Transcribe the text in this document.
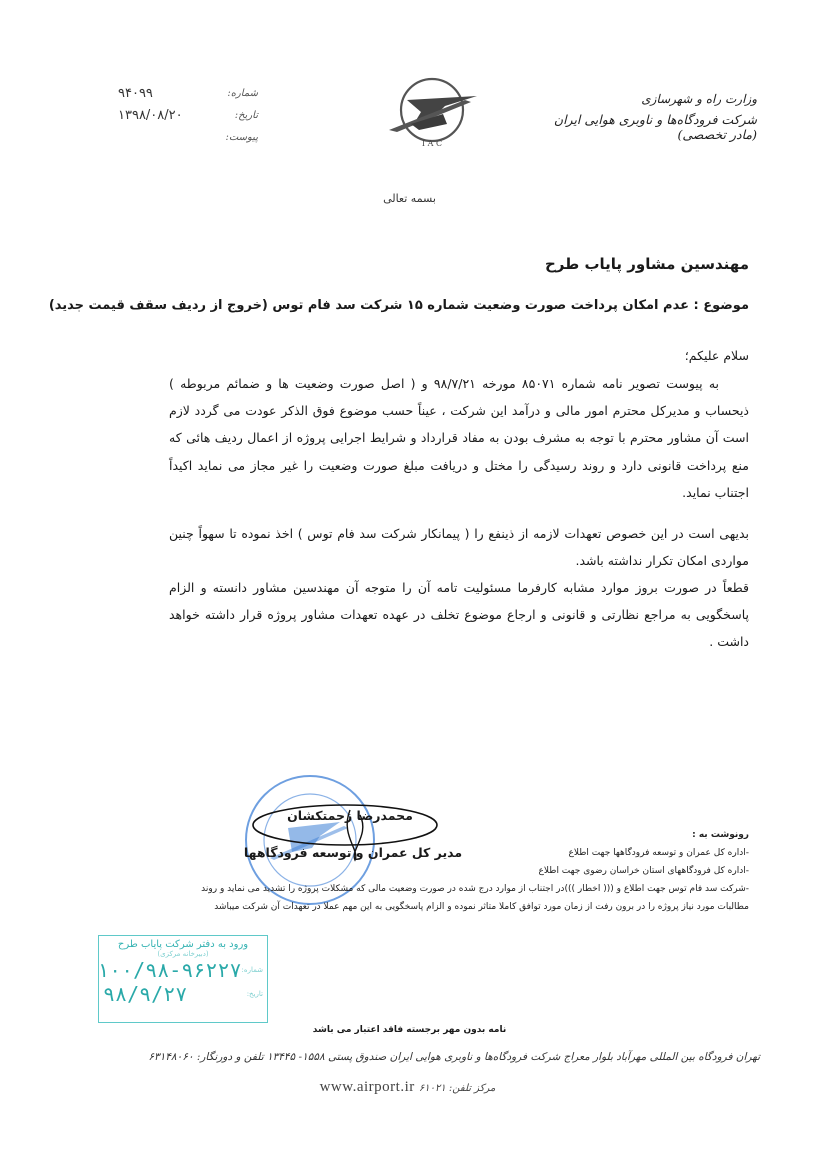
شماره:
۹۴۰۹۹
تاریخ:
۱۳۹۸/۰۸/۲۰
پیوست:
I A C
وزارت راه و شهرسازی
شرکت فرودگاه‌ها و ناوبری هوایی ایران (مادر تخصصی)
بسمه تعالی
مهندسین مشاور پایاب طرح
موضوع : عدم امکان پرداخت صورت وضعیت شماره ۱۵ شرکت سد فام توس (خروج از ردیف سقف قیمت جدید)
سلام علیکم؛

به پیوست تصویر نامه شماره ۸۵۰۷۱ مورخه ۹۸/۷/۲۱ و ( اصل صورت وضعیت ها و ضمائم مربوطه ) ذیحساب و مدیرکل محترم امور مالی و درآمد این شرکت ، عیناً حسب موضوع فوق الذکر عودت می گردد لازم است آن مشاور محترم با توجه به مشرف بودن به مفاد قرارداد و شرایط اجرایی پروژه از اعمال ردیف هائی که منع پرداخت قانونی دارد و روند رسیدگی را مختل و دریافت مبلغ صورت وضعیت را غیر مجاز می نماید اکیداً اجتناب نماید.

بدیهی است در این خصوص تعهدات لازمه از ذینفع را ( پیمانکار شرکت سد فام توس ) اخذ نموده تا سهواً چنین مواردی امکان تکرار نداشته باشد.

قطعاً در صورت بروز موارد مشابه کارفرما مسئولیت تامه آن را متوجه آن مهندسین مشاور دانسته و الزام پاسخگویی به مراجع نظارتی و قانونی و ارجاع موضوع تخلف در عهده تعهدات مشاور پروژه قرار داشته خواهد داشت .

محمدرضا زحمتکشان
مدیر کل عمران و توسعه فرودگاهها
رونوشت به :
-اداره کل عمران و توسعه فرودگاهها جهت اطلاع
-اداره کل فرودگاههای استان خراسان رضوی جهت اطلاع
-شرکت سد فام توس جهت اطلاع و ((( اخطار )))در اجتناب از موارد درج شده در صورت وضعیت مالی که مشکلات پروژه را تشدید می نماید و روند مطالبات مورد نیاز پروژه را در برون رفت از زمان مورد توافق کاملا متاثر نموده و الزام پاسخگویی به این مهم عملا در تعهدات آن شرکت میباشد
ورود به دفتر شرکت پایاب طرح
(دبیرخانه مرکزی)
شماره:
۱۰۰/۹۸-۹۶۲۲۷
تاریخ:
۹۸/۹/۲۷
نامه بدون مهر برجسته فاقد اعتبار می باشد
تهران فرودگاه بین المللی مهرآباد بلوار معراج شرکت فرودگاه‌ها و ناوبری هوایی ایران صندوق پستی ۱۵۵۸- ۱۳۴۴۵ تلفن و دورنگار: ۶۳۱۴۸۰۶۰
مرکز تلفن: ۶۱۰۲۱ www.airport.ir
